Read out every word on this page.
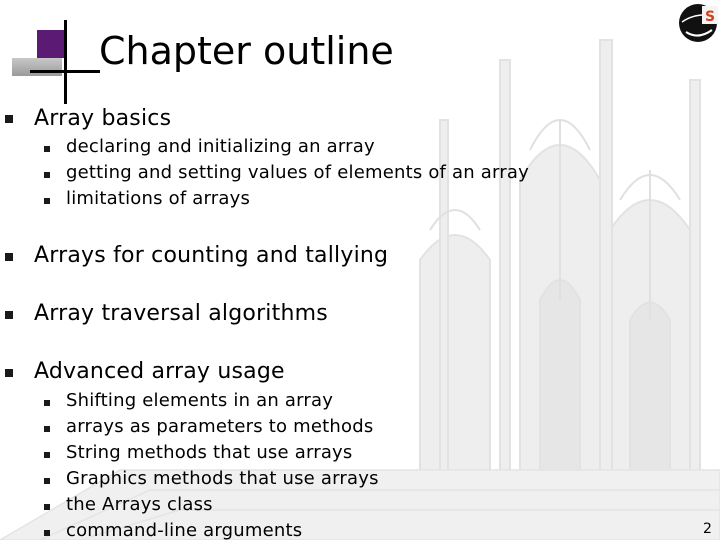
Chapter outline
S
Array basics
declaring and initializing an array
getting and setting values of elements of an array
limitations of arrays
Arrays for counting and tallying
Array traversal algorithms
Advanced array usage
Shifting elements in an array
arrays as parameters to methods
String methods that use arrays
Graphics methods that use arrays
the Arrays class
command-line arguments	2
